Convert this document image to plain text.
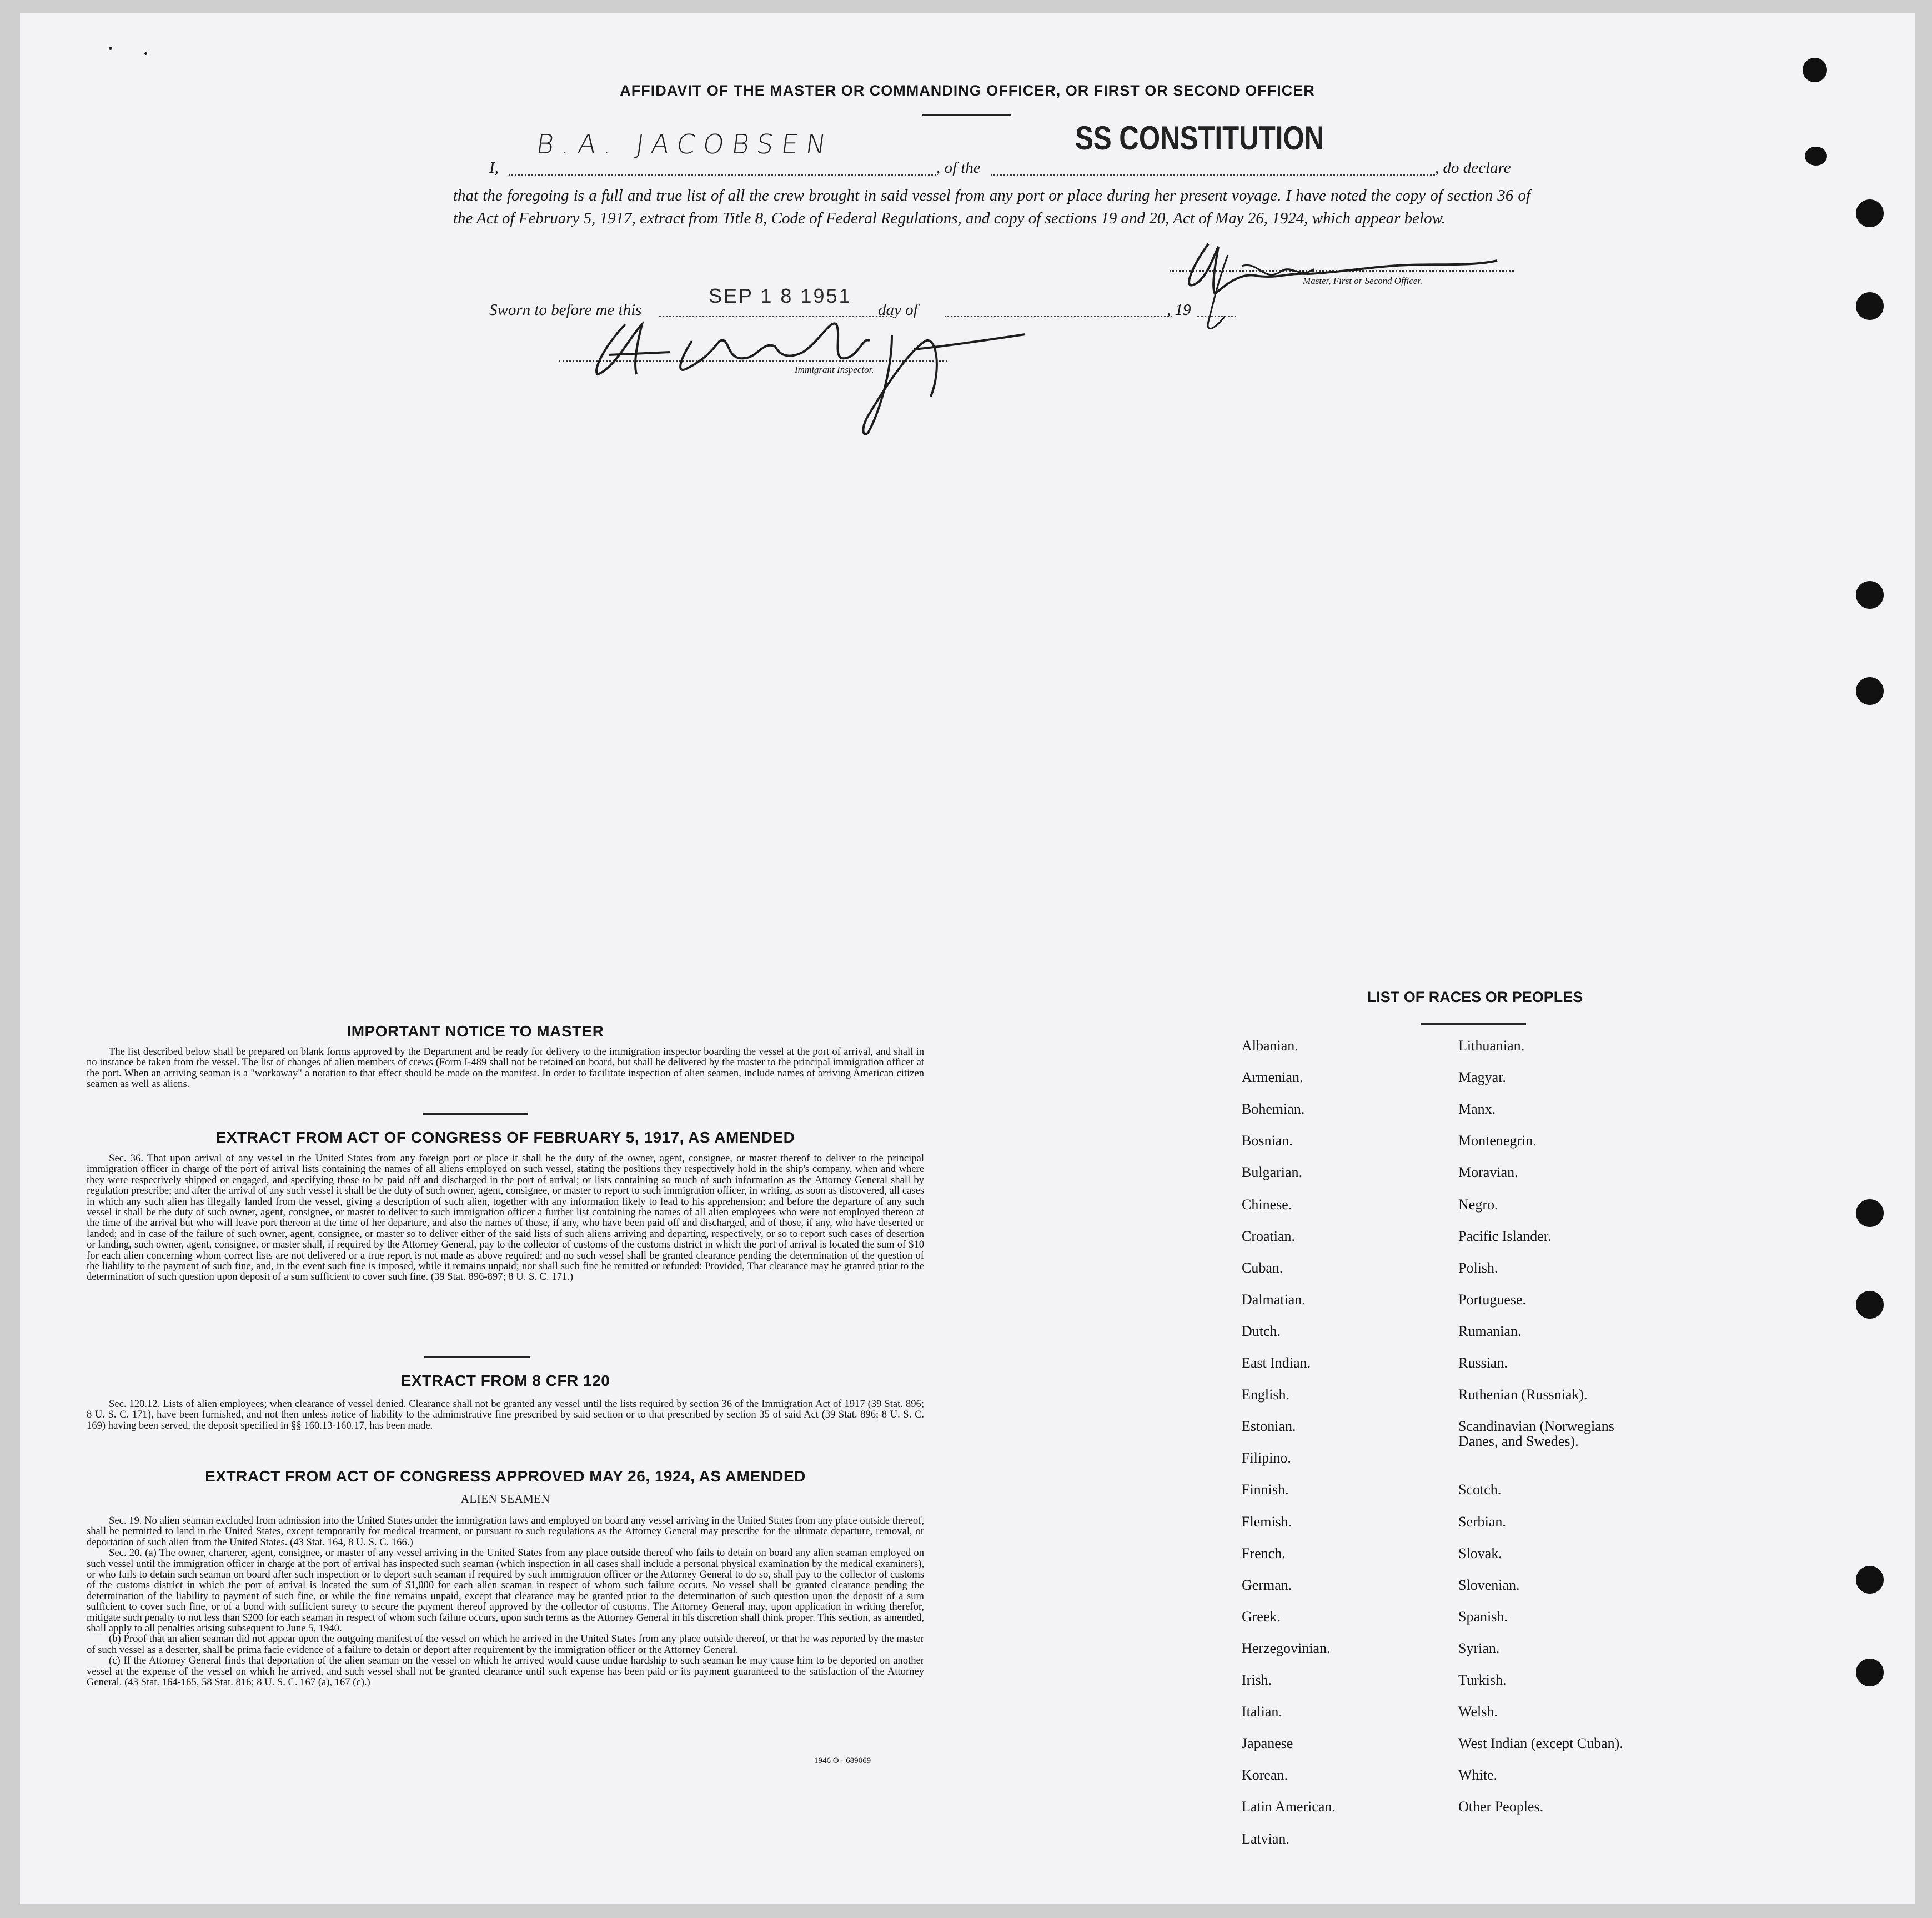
AFFIDAVIT OF THE MASTER OR COMMANDING OFFICER, OR FIRST OR SECOND OFFICER
I,
B.A. JACOBSEN
, of the
SS CONSTITUTION
, do declare
that the foregoing is a full and true list of all the crew brought in said vessel from any port or place during her present voyage. I have noted the copy of section 36 of the Act of February 5, 1917, extract from Title 8, Code of Federal Regulations, and copy of sections 19 and 20, Act of May 26, 1924, which appear below.
Master, First or Second Officer.
Sworn to before me this
SEP 1 8 1951
day of	, 19
Immigrant Inspector.
IMPORTANT NOTICE TO MASTER

The list described below shall be prepared on blank forms approved by the Department and be ready for delivery to the immigration inspector boarding the vessel at the port of arrival, and shall in no instance be taken from the vessel. The list of changes of alien members of crews (Form I-489 shall not be retained on board, but shall be delivered by the master to the principal immigration officer at the port. When an arriving seaman is a "workaway" a notation to that effect should be made on the manifest. In order to facilitate inspection of alien seamen, include names of arriving American citizen seamen as well as aliens.

EXTRACT FROM ACT OF CONGRESS OF FEBRUARY 5, 1917, AS AMENDED

Sec. 36. That upon arrival of any vessel in the United States from any foreign port or place it shall be the duty of the owner, agent, consignee, or master thereof to deliver to the principal immigration officer in charge of the port of arrival lists containing the names of all aliens employed on such vessel, stating the positions they respectively hold in the ship's company, when and where they were respectively shipped or engaged, and specifying those to be paid off and discharged in the port of arrival; or lists containing so much of such information as the Attorney General shall by regulation prescribe; and after the arrival of any such vessel it shall be the duty of such owner, agent, consignee, or master to report to such immigration officer, in writing, as soon as discovered, all cases in which any such alien has illegally landed from the vessel, giving a description of such alien, together with any information likely to lead to his apprehension; and before the departure of any such vessel it shall be the duty of such owner, agent, consignee, or master to deliver to such immigration officer a further list containing the names of all alien employees who were not employed thereon at the time of the arrival but who will leave port thereon at the time of her departure, and also the names of those, if any, who have been paid off and discharged, and of those, if any, who have deserted or landed; and in case of the failure of such owner, agent, consignee, or master so to deliver either of the said lists of such aliens arriving and departing, respectively, or so to report such cases of desertion or landing, such owner, agent, consignee, or master shall, if required by the Attorney General, pay to the collector of customs of the customs district in which the port of arrival is located the sum of $10 for each alien concerning whom correct lists are not delivered or a true report is not made as above required; and no such vessel shall be granted clearance pending the determination of the question of the liability to the payment of such fine, and, in the event such fine is imposed, while it remains unpaid; nor shall such fine be remitted or refunded: Provided, That clearance may be granted prior to the determination of such question upon deposit of a sum sufficient to cover such fine. (39 Stat. 896-897; 8 U. S. C. 171.)

EXTRACT FROM 8 CFR 120

Sec. 120.12. Lists of alien employees; when clearance of vessel denied. Clearance shall not be granted any vessel until the lists required by section 36 of the Immigration Act of 1917 (39 Stat. 896; 8 U. S. C. 171), have been furnished, and not then unless notice of liability to the administrative fine prescribed by said section or to that prescribed by section 35 of said Act (39 Stat. 896; 8 U. S. C. 169) having been served, the deposit specified in §§ 160.13-160.17, has been made.

EXTRACT FROM ACT OF CONGRESS APPROVED MAY 26, 1924, AS AMENDED
ALIEN SEAMEN

Sec. 19. No alien seaman excluded from admission into the United States under the immigration laws and employed on board any vessel arriving in the United States from any place outside thereof, shall be permitted to land in the United States, except temporarily for medical treatment, or pursuant to such regulations as the Attorney General may prescribe for the ultimate departure, removal, or deportation of such alien from the United States. (43 Stat. 164, 8 U. S. C. 166.)

Sec. 20. (a) The owner, charterer, agent, consignee, or master of any vessel arriving in the United States from any place outside thereof who fails to detain on board any alien seaman employed on such vessel until the immigration officer in charge at the port of arrival has inspected such seaman (which inspection in all cases shall include a personal physical examination by the medical examiners), or who fails to detain such seaman on board after such inspection or to deport such seaman if required by such immigration officer or the Attorney General to do so, shall pay to the collector of customs of the customs district in which the port of arrival is located the sum of $1,000 for each alien seaman in respect of whom such failure occurs. No vessel shall be granted clearance pending the determination of the liability to payment of such fine, or while the fine remains unpaid, except that clearance may be granted prior to the determination of such question upon the deposit of a sum sufficient to cover such fine, or of a bond with sufficient surety to secure the payment thereof approved by the collector of customs. The Attorney General may, upon application in writing therefor, mitigate such penalty to not less than $200 for each seaman in respect of whom such failure occurs, upon such terms as the Attorney General in his discretion shall think proper. This section, as amended, shall apply to all penalties arising subsequent to June 5, 1940.

(b) Proof that an alien seaman did not appear upon the outgoing manifest of the vessel on which he arrived in the United States from any place outside thereof, or that he was reported by the master of such vessel as a deserter, shall be prima facie evidence of a failure to detain or deport after requirement by the immigration officer or the Attorney General.

(c) If the Attorney General finds that deportation of the alien seaman on the vessel on which he arrived would cause undue hardship to such seaman he may cause him to be deported on another vessel at the expense of the vessel on which he arrived, and such vessel shall not be granted clearance until such expense has been paid or its payment guaranteed to the satisfaction of the Attorney General. (43 Stat. 164-165, 58 Stat. 816; 8 U. S. C. 167 (a), 167 (c).)

1946 O - 689069
LIST OF RACES OR PEOPLES
Albanian.
Armenian.
Bohemian.
Bosnian.
Bulgarian.
Chinese.
Croatian.
Cuban.
Dalmatian.
Dutch.
East Indian.
English.
Estonian.
Filipino.
Finnish.
Flemish.
French.
German.
Greek.
Herzegovinian.
Irish.
Italian.
Japanese
Korean.
Latin American.
Latvian.
Lithuanian.
Magyar.
Manx.
Montenegrin.
Moravian.
Negro.
Pacific Islander.
Polish.
Portuguese.
Rumanian.
Russian.
Ruthenian (Russniak).
Scandinavian (Norwegians
Danes, and Swedes).
Scotch.
Serbian.
Slovak.
Slovenian.
Spanish.
Syrian.
Turkish.
Welsh.
West Indian (except Cuban).
White.
Other Peoples.
